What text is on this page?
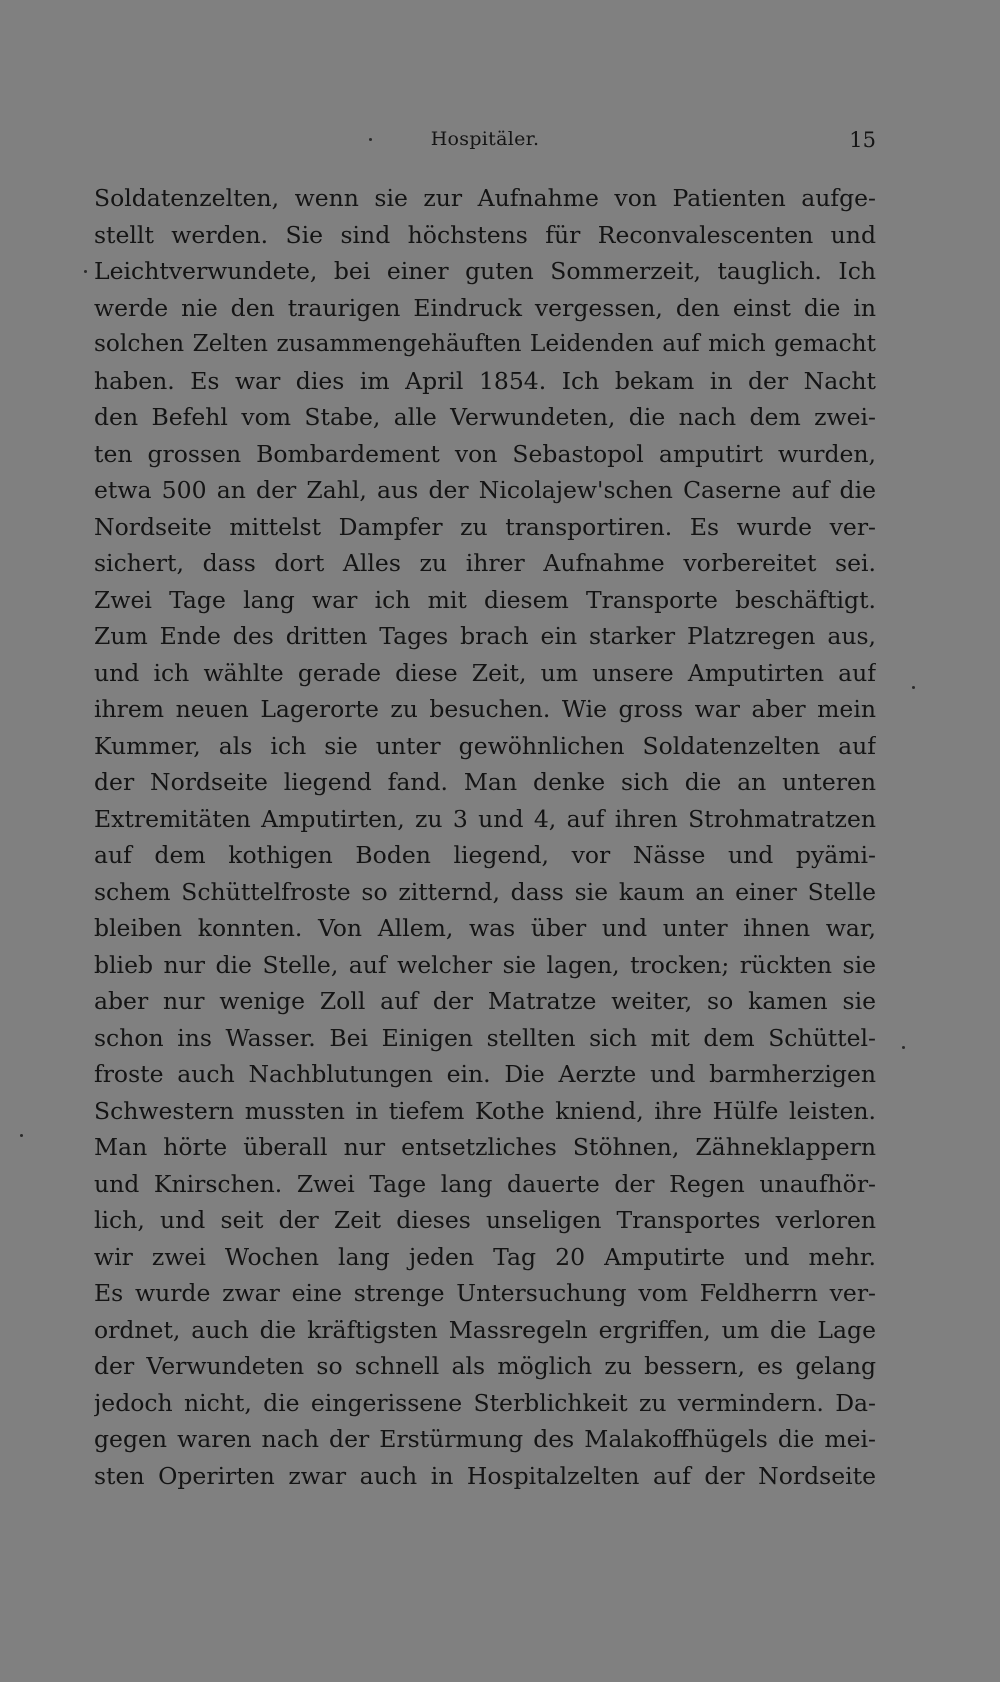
Hospitäler.	15
Soldatenzelten, wenn sie zur Aufnahme von Patienten aufge-
stellt werden. Sie sind höchstens für Reconvalescenten und
Leichtverwundete, bei einer guten Sommerzeit, tauglich. Ich
werde nie den traurigen Eindruck vergessen, den einst die in
solchen Zelten zusammengehäuften Leidenden auf mich gemacht
haben. Es war dies im April 1854. Ich bekam in der Nacht
den Befehl vom Stabe, alle Verwundeten, die nach dem zwei-
ten grossen Bombardement von Sebastopol amputirt wurden,
etwa 500 an der Zahl, aus der Nicolajew'schen Caserne auf die
Nordseite mittelst Dampfer zu transportiren. Es wurde ver-
sichert, dass dort Alles zu ihrer Aufnahme vorbereitet sei.
Zwei Tage lang war ich mit diesem Transporte beschäftigt.
Zum Ende des dritten Tages brach ein starker Platzregen aus,
und ich wählte gerade diese Zeit, um unsere Amputirten auf
ihrem neuen Lagerorte zu besuchen. Wie gross war aber mein
Kummer, als ich sie unter gewöhnlichen Soldatenzelten auf
der Nordseite liegend fand. Man denke sich die an unteren
Extremitäten Amputirten, zu 3 und 4, auf ihren Strohmatratzen
auf dem kothigen Boden liegend, vor Nässe und pyämi-
schem Schüttelfroste so zitternd, dass sie kaum an einer Stelle
bleiben konnten. Von Allem, was über und unter ihnen war,
blieb nur die Stelle, auf welcher sie lagen, trocken; rückten sie
aber nur wenige Zoll auf der Matratze weiter, so kamen sie
schon ins Wasser. Bei Einigen stellten sich mit dem Schüttel-
froste auch Nachblutungen ein. Die Aerzte und barmherzigen
Schwestern mussten in tiefem Kothe kniend, ihre Hülfe leisten.
Man hörte überall nur entsetzliches Stöhnen, Zähneklappern
und Knirschen. Zwei Tage lang dauerte der Regen unaufhör-
lich, und seit der Zeit dieses unseligen Transportes verloren
wir zwei Wochen lang jeden Tag 20 Amputirte und mehr.
Es wurde zwar eine strenge Untersuchung vom Feldherrn ver-
ordnet, auch die kräftigsten Massregeln ergriffen, um die Lage
der Verwundeten so schnell als möglich zu bessern, es gelang
jedoch nicht, die eingerissene Sterblichkeit zu vermindern. Da-
gegen waren nach der Erstürmung des Malakoffhügels die mei-
sten Operirten zwar auch in Hospitalzelten auf der Nordseite
